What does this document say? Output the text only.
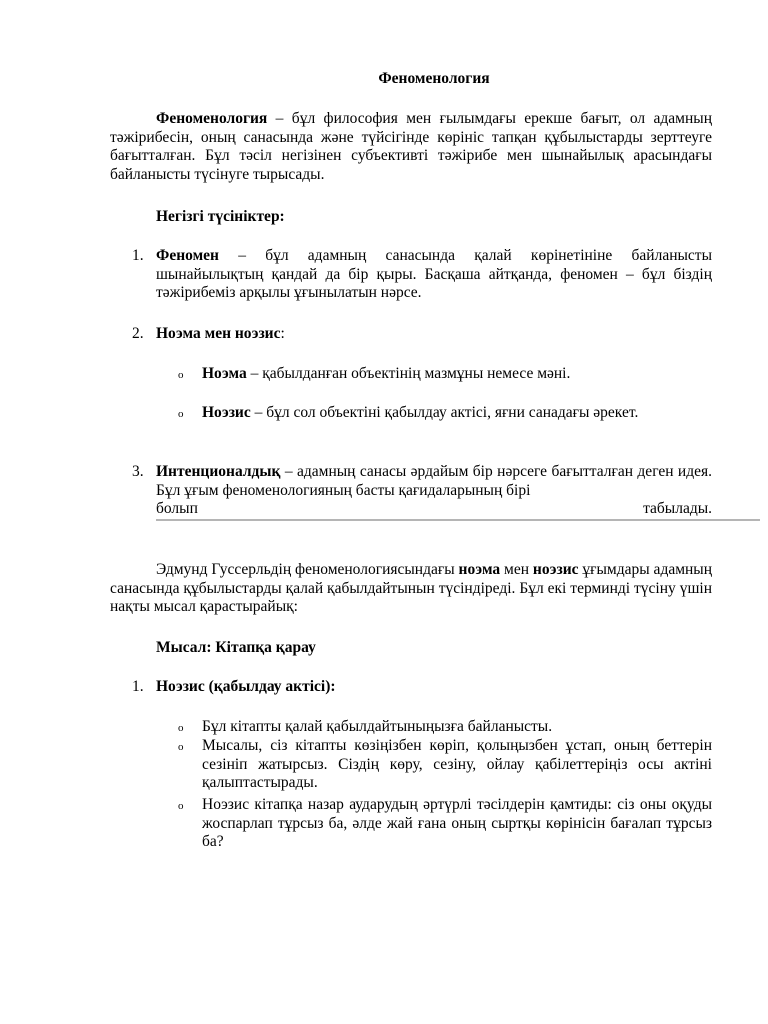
Феноменология

Феноменология – бұл философия мен ғылымдағы ерекше бағыт, ол адамның тәжірибесін, оның санасында және түйсігінде көрініс тапқан құбылыстарды зерттеуге бағытталған. Бұл тәсіл негізінен субъективті тәжірибе мен шынайылық арасындағы байланысты түсінуге тырысады.

Негізгі түсініктер:

1. Феномен – бұл адамның санасында қалай көрінетініне байланысты шынайылықтың қандай да бір қыры. Басқаша айтқанда, феномен – бұл біздің тәжірибеміз арқылы ұғынылатын нәрсе.

2. Ноэма мен ноэзис:

o Ноэма – қабылданған объектінің мазмұны немесе мәні.

o Ноэзис – бұл сол объектіні қабылдау актісі, яғни санадағы әрекет.

3. Интенционалдық – адамның санасы әрдайым бір нәрсеге бағытталған деген идея. Бұл ұғым феноменологияның басты қағидаларының бірі

болып	табылады.

Эдмунд Гуссерльдің феноменологиясындағы ноэма мен ноэзис ұғымдары адамның санасында құбылыстарды қалай қабылдайтынын түсіндіреді. Бұл екі терминді түсіну үшін нақты мысал қарастырайық:

Мысал: Кітапқа қарау

1. Ноэзис (қабылдау актісі):

o Бұл кітапты қалай қабылдайтыныңызға байланысты.

o Мысалы, сіз кітапты көзіңізбен көріп, қолыңызбен ұстап, оның беттерін сезініп жатырсыз. Сіздің көру, сезіну, ойлау қабілеттеріңіз осы актіні қалыптастырады.

o Ноэзис кітапқа назар аударудың әртүрлі тәсілдерін қамтиды: сіз оны оқуды жоспарлап тұрсыз ба, әлде жай ғана оның сыртқы көрінісін бағалап тұрсыз ба?
